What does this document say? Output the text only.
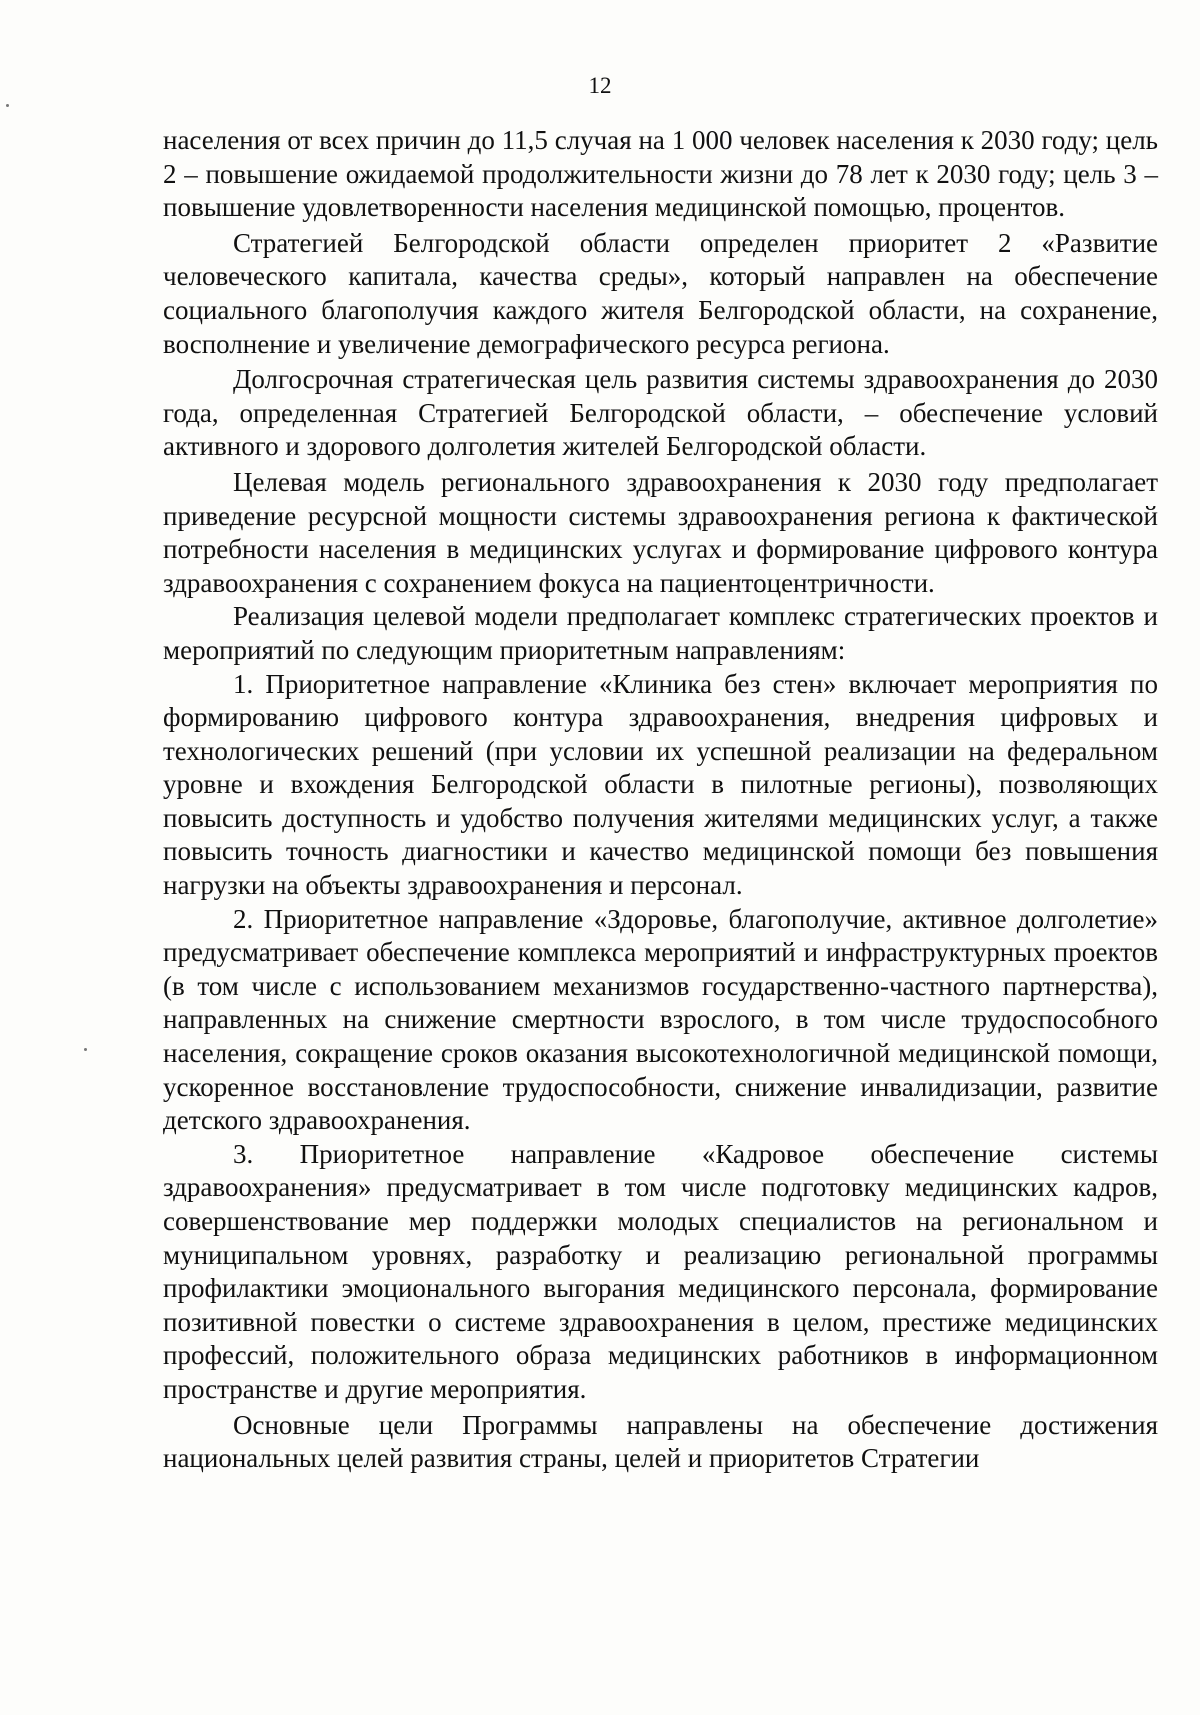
12

населения от всех причин до 11,5 случая на 1 000 человек населения к 2030 году; цель 2 – повышение ожидаемой продолжительности жизни до 78 лет к 2030 году; цель 3 – повышение удовлетворенности населения медицинской помощью, процентов.

Стратегией Белгородской области определен приоритет 2 «Развитие человеческого капитала, качества среды», который направлен на обеспечение социального благополучия каждого жителя Белгородской области, на сохранение, восполнение и увеличение демографического ресурса региона.

Долгосрочная стратегическая цель развития системы здравоохранения до 2030 года, определенная Стратегией Белгородской области, – обеспечение условий активного и здорового долголетия жителей Белгородской области.

Целевая модель регионального здравоохранения к 2030 году предполагает приведение ресурсной мощности системы здравоохранения региона к фактической потребности населения в медицинских услугах и формирование цифрового контура здравоохранения с сохранением фокуса на пациентоцентричности.

Реализация целевой модели предполагает комплекс стратегических проектов и мероприятий по следующим приоритетным направлениям:

1. Приоритетное направление «Клиника без стен» включает мероприятия по формированию цифрового контура здравоохранения, внедрения цифровых и технологических решений (при условии их успешной реализации на федеральном уровне и вхождения Белгородской области в пилотные регионы), позволяющих повысить доступность и удобство получения жителями медицинских услуг, а также повысить точность диагностики и качество медицинской помощи без повышения нагрузки на объекты здравоохранения и персонал.

2. Приоритетное направление «Здоровье, благополучие, активное долголетие» предусматривает обеспечение комплекса мероприятий и инфраструктурных проектов (в том числе с использованием механизмов государственно-частного партнерства), направленных на снижение смертности взрослого, в том числе трудоспособного населения, сокращение сроков оказания высокотехнологичной медицинской помощи, ускоренное восстановление трудоспособности, снижение инвалидизации, развитие детского здравоохранения.

3. Приоритетное направление «Кадровое обеспечение системы здравоохранения» предусматривает в том числе подготовку медицинских кадров, совершенствование мер поддержки молодых специалистов на региональном и муниципальном уровнях, разработку и реализацию региональной программы профилактики эмоционального выгорания медицинского персонала, формирование позитивной повестки о системе здравоохранения в целом, престиже медицинских профессий, положительного образа медицинских работников в информационном пространстве и другие мероприятия.

Основные цели Программы направлены на обеспечение достижения национальных целей развития страны, целей и приоритетов Стратегии
